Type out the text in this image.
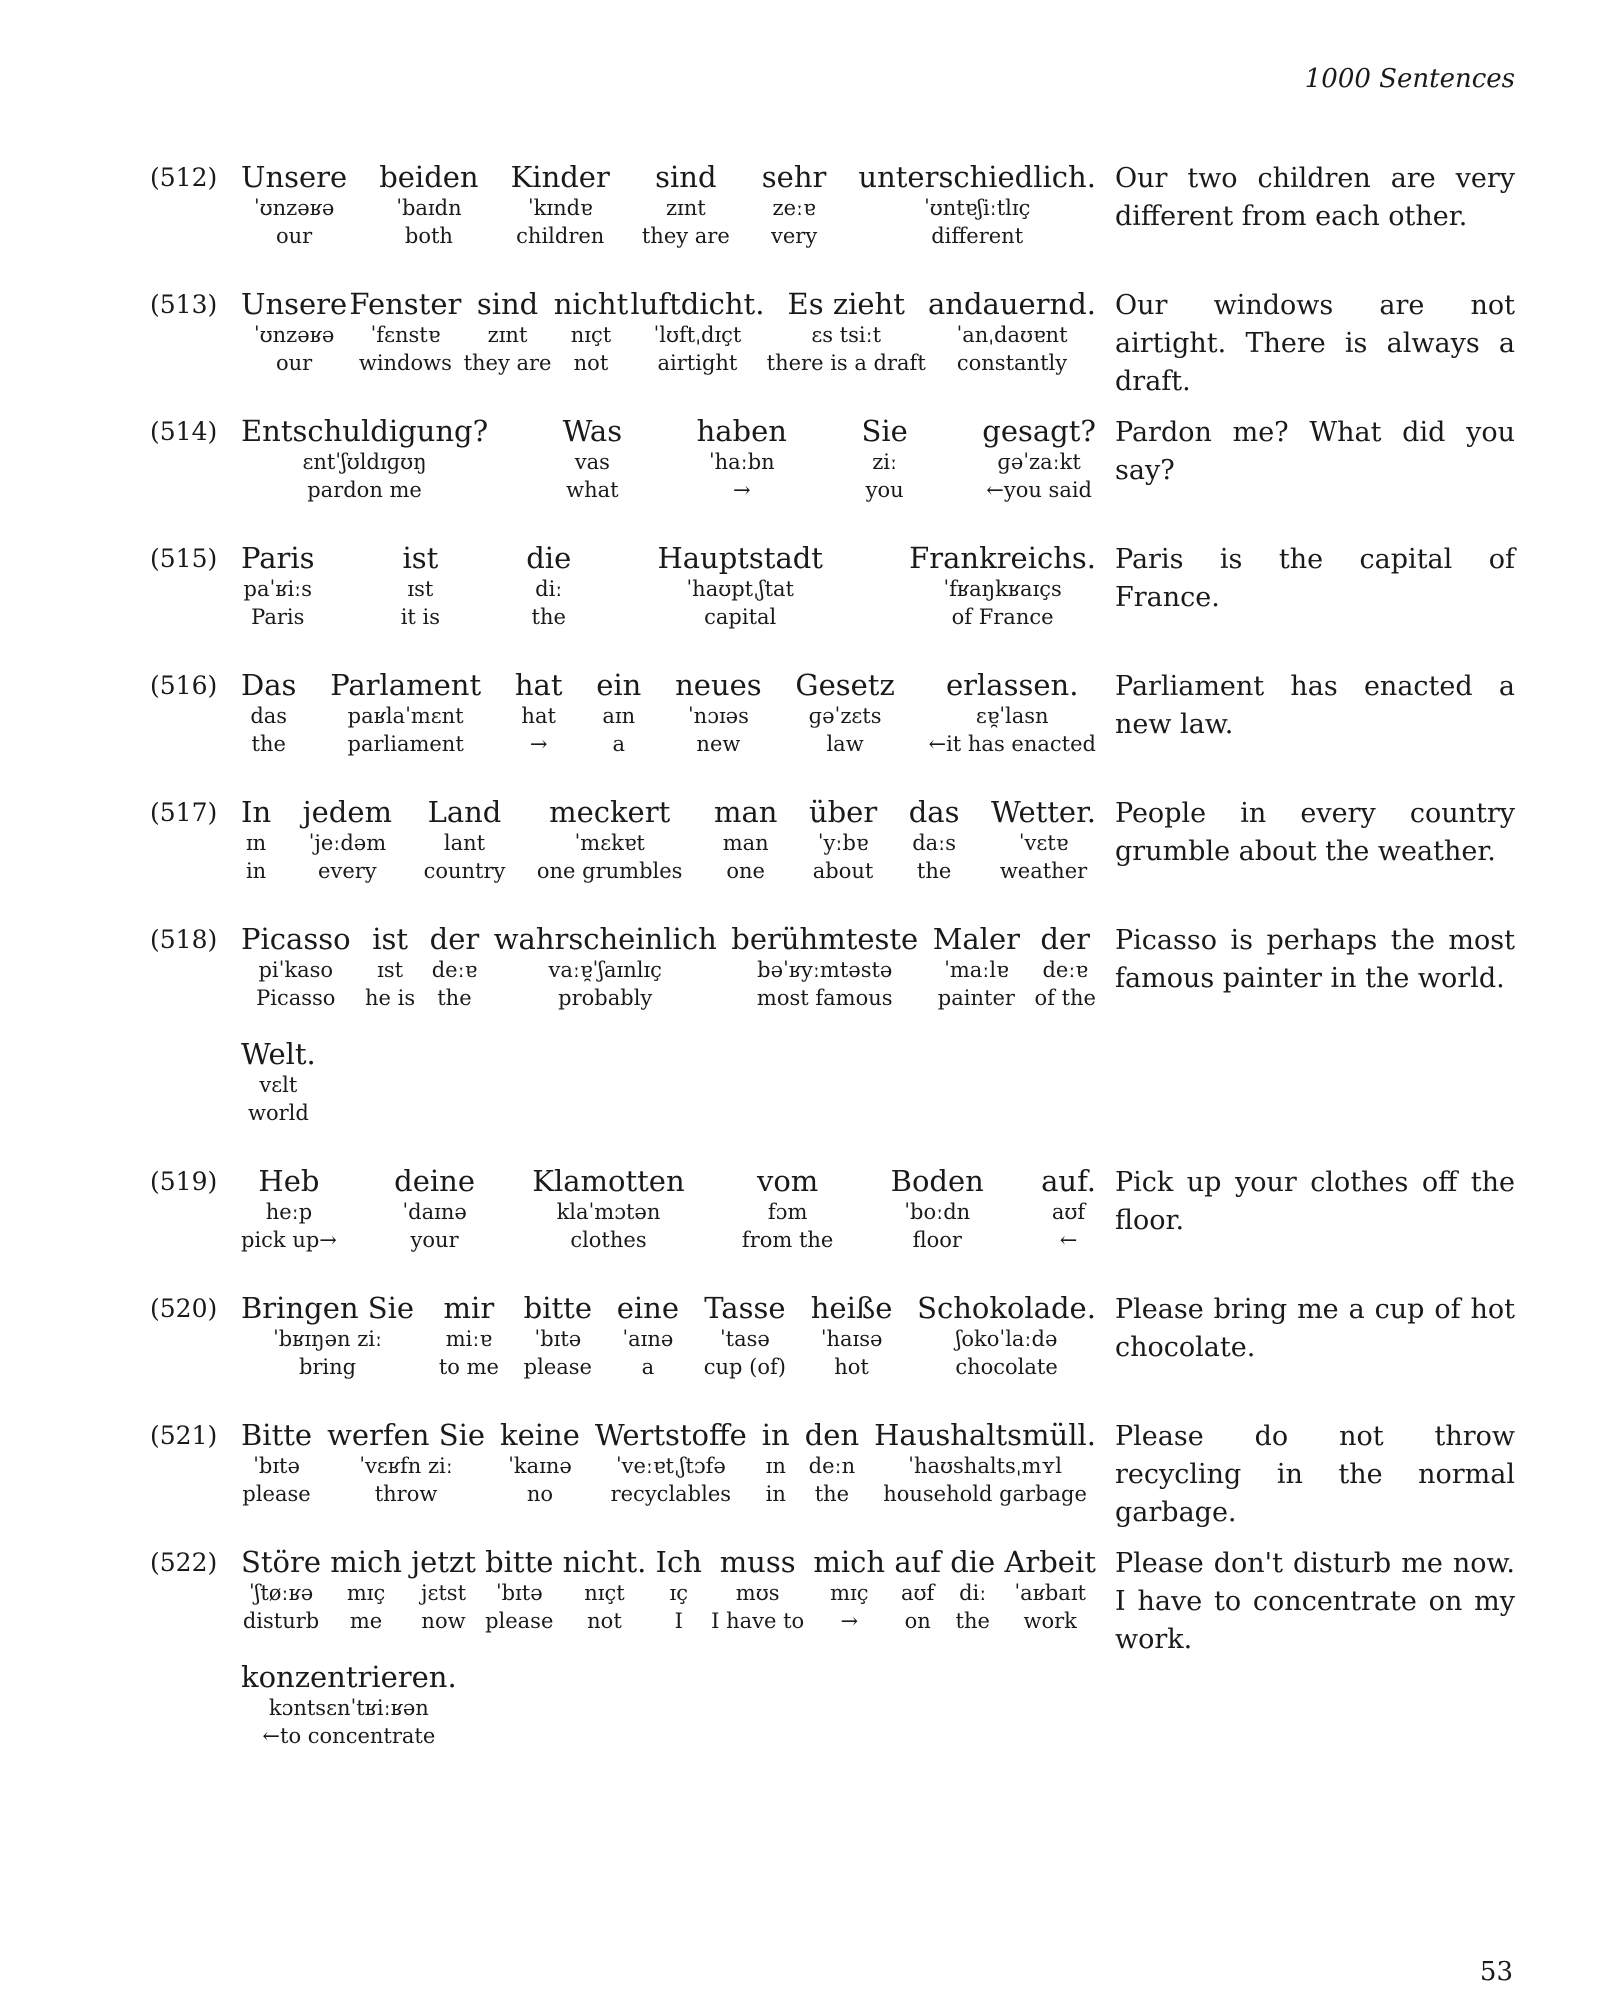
1000 Sentences
(512) Unsere
ˈʊnzəʁə
our
beiden
ˈbaɪdn
both
Kinder
ˈkɪndɐ
children
sind
zɪnt
they are
sehr
zeːɐ
very
unterschiedlich.
ˈʊntɐʃiːtlɪç
different
Our two children are very different from each other.
(513) Unsere
ˈʊnzəʁə
our
Fenster
ˈfɛnstɐ
windows
sind
zɪnt
they are
nicht
nɪçt
not
luftdicht.
ˈlʊftˌdɪçt
airtight
Es zieht
ɛs tsiːt
there is a draft
andauernd.
ˈanˌdaʊɐnt
constantly
Our windows are not airtight. There is always a draft.
(514) Entschuldigung?
ɛntˈʃʊldɪɡʊŋ
pardon me
Was
vas
what
haben
ˈhaːbn
→
Sie
ziː
you
gesagt?
ɡəˈzaːkt
←you said
Pardon me? What did you say?
(515) Paris
paˈʁiːs
Paris
ist
ɪst
it is
die
diː
the
Hauptstadt
ˈhaʊptˌʃtat
capital
Frankreichs.
ˈfʁaŋkʁaɪçs
of France
Paris is the capital of France.
(516) Das
das
the
Parlament
paʁlaˈmɛnt
parliament
hat
hat
→
ein
aɪn
a
neues
ˈnɔɪəs
new
Gesetz
ɡəˈzɛts
law
erlassen.
ɛɐ̯ˈlasn
←it has enacted
Parliament has enacted a new law.
(517) In
ɪn
in
jedem
ˈjeːdəm
every
Land
lant
country
meckert
ˈmɛkɐt
one grumbles
man
man
one
über
ˈyːbɐ
about
das
daːs
the
Wetter.
ˈvɛtɐ
weather
People in every country grumble about the weather.
(518) Picasso
piˈkaso
Picasso
ist
ɪst
he is
der
deːɐ
the
wahrscheinlich
vaːɐ̯ˈʃaɪnlɪç
probably
berühmteste
bəˈʁyːmtəstə
most famous
Maler
ˈmaːlɐ
painter
der
deːɐ
of the
Welt.
vɛlt
world
Picasso is perhaps the most famous painter in the world.
(519) Heb
heːp
pick up→
deine
ˈdaɪnə
your
Klamotten
klaˈmɔtən
clothes
vom
fɔm
from the
Boden
ˈboːdn
floor
auf.
aʊf
←
Pick up your clothes off the floor.
(520) Bringen Sie
ˈbʁɪŋən ziː
bring
mir
miːɐ
to me
bitte
ˈbɪtə
please
eine
ˈaɪnə
a
Tasse
ˈtasə
cup (of)
heiße
ˈhaɪsə
hot
Schokolade.
ʃokoˈlaːdə
chocolate
Please bring me a cup of hot chocolate.
(521) Bitte
ˈbɪtə
please
werfen Sie
ˈvɛʁfn ziː
throw
keine
ˈkaɪnə
no
Wertstoffe
ˈveːɐtˌʃtɔfə
recyclables
in
ɪn
in
den
deːn
the
Haushaltsmüll.
ˈhaʊshaltsˌmʏl
household garbage
Please do not throw recycling in the normal garbage.
(522) Störe
ˈʃtøːʁə
disturb
mich
mɪç
me
jetzt
jɛtst
now
bitte
ˈbɪtə
please
nicht.
nɪçt
not
Ich
ɪç
I
muss
mʊs
I have to
mich
mɪç
→
auf
aʊf
on
die
diː
the
Arbeit
ˈaʁbaɪt
work
konzentrieren.
kɔntsɛnˈtʁiːʁən
←to concentrate
Please don't disturb me now. I have to concentrate on my work.
53
